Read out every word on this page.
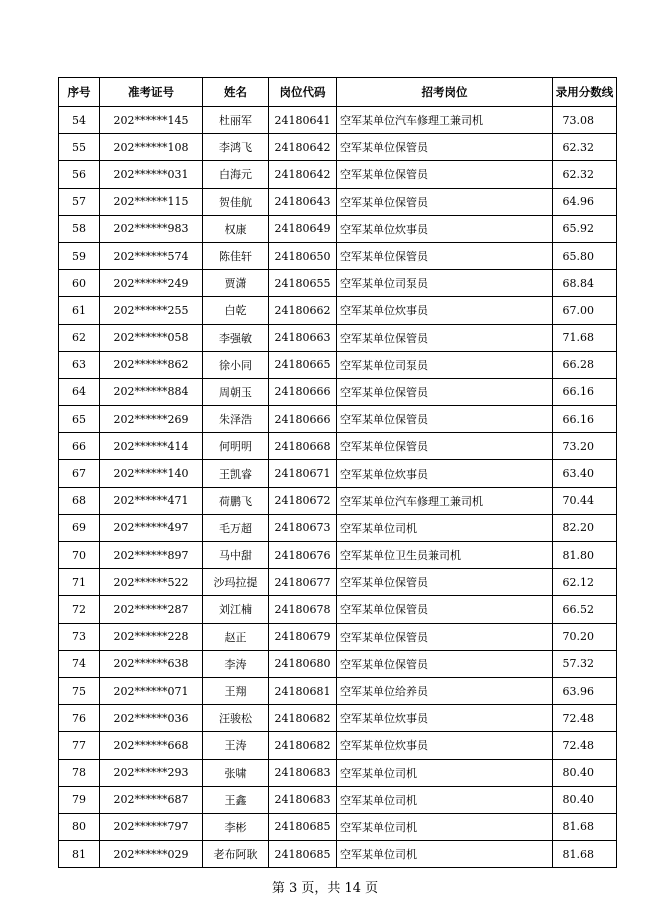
序号	准考证号	姓名	岗位代码	招考岗位	录用分数线
54	202******145	杜丽军	24180641	空军某单位汽车修理工兼司机	73.08
55	202******108	李鸿飞	24180642	空军某单位保管员	62.32
56	202******031	白海元	24180642	空军某单位保管员	62.32
57	202******115	贺佳航	24180643	空军某单位保管员	64.96
58	202******983	权康	24180649	空军某单位炊事员	65.92
59	202******574	陈佳轩	24180650	空军某单位保管员	65.80
60	202******249	贾潇	24180655	空军某单位司泵员	68.84
61	202******255	白乾	24180662	空军某单位炊事员	67.00
62	202******058	李强敏	24180663	空军某单位保管员	71.68
63	202******862	徐小同	24180665	空军某单位司泵员	66.28
64	202******884	周朝玉	24180666	空军某单位保管员	66.16
65	202******269	朱泽浩	24180666	空军某单位保管员	66.16
66	202******414	何明明	24180668	空军某单位保管员	73.20
67	202******140	王凯睿	24180671	空军某单位炊事员	63.40
68	202******471	荷鹏飞	24180672	空军某单位汽车修理工兼司机	70.44
69	202******497	毛万超	24180673	空军某单位司机	82.20
70	202******897	马中甜	24180676	空军某单位卫生员兼司机	81.80
71	202******522	沙玛拉提	24180677	空军某单位保管员	62.12
72	202******287	刘江楠	24180678	空军某单位保管员	66.52
73	202******228	赵正	24180679	空军某单位保管员	70.20
74	202******638	李涛	24180680	空军某单位保管员	57.32
75	202******071	王翔	24180681	空军某单位给养员	63.96
76	202******036	汪骏松	24180682	空军某单位炊事员	72.48
77	202******668	王涛	24180682	空军某单位炊事员	72.48
78	202******293	张啸	24180683	空军某单位司机	80.40
79	202******687	王鑫	24180683	空军某单位司机	80.40
80	202******797	李彬	24180685	空军某单位司机	81.68
81	202******029	老布阿耿	24180685	空军某单位司机	81.68
第 3 页，共 14 页
